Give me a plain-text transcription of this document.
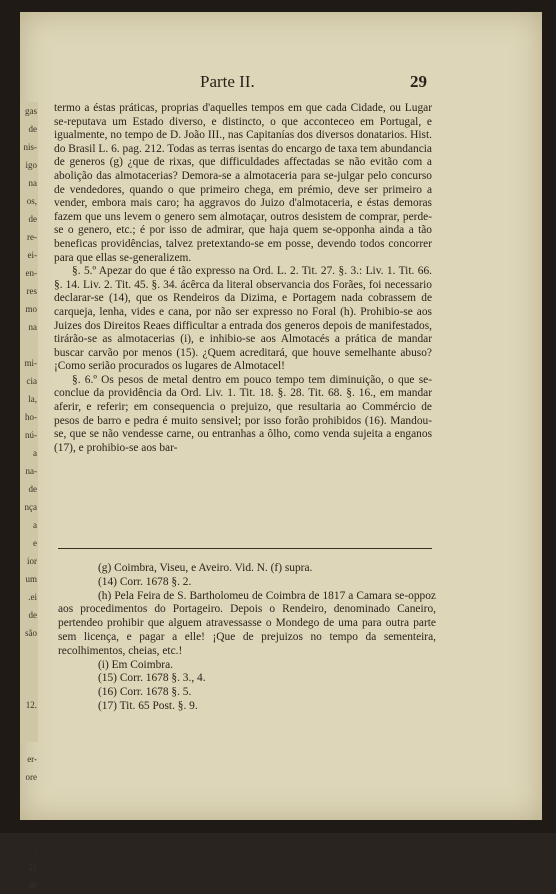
gas
de
nis-
igo
na
os,
de
re-
ei-
en-
res
mo
na

mi-
cia
la,
ho-
nú-
a
na-
de
nça
a
e
ior
um
.ei
de
são

12.

er-
ore

,
21
de
Parte II.	29

termo a éstas práticas, proprias d'aquelles tempos em que cada Cidade, ou Lugar se-reputava um Estado diverso, e distincto, o que acconteceo em Portugal, e igualmente, no tempo de D. João III., nas Capitanías dos diversos donatarios. Hist. do Brasil L. 6. pag. 212. Todas as terras isentas do encargo de taxa tem abundancia de generos (g) ¿que de rixas, que difficuldades affectadas se não evitão com a abolição das almotacerias? Demora-se a almotaceria para se-julgar pelo concurso de vendedores, quando o que primeiro chega, em prémio, deve ser primeiro a vender, embora mais caro; ha aggravos do Juizo d'almotaceria, e éstas demoras fazem que uns levem o genero sem almotaçar, outros desistem de comprar, perde-se o genero, etc.; é por isso de admirar, que haja quem se-opponha ainda a tão beneficas providências, talvez pretextando-se em posse, devendo todos concorrer para que ellas se-generalizem.

§. 5.º Apezar do que é tão expresso na Ord. L. 2. Tit. 27. §. 3.: Liv. 1. Tit. 66. §. 14. Liv. 2. Tit. 45. §. 34. ácêrca da literal observancia dos Forães, foi necessario declarar-se (14), que os Rendeiros da Dizima, e Portagem nada cobrassem de carqueja, lenha, vides e cana, por não ser expresso no Foral (h). Prohibio-se aos Juizes dos Direitos Reaes difficultar a entrada dos generos depois de manifestados, tirárão-se as almotacerias (i), e inhibio-se aos Almotacés a prática de mandar buscar carvão por menos (15). ¿Quem acreditará, que houve semelhante abuso? ¡Como serião procurados os lugares de Almotacel!

§. 6.º Os pesos de metal dentro em pouco tempo tem diminuição, o que se-conclue da providência da Ord. Liv. 1. Tit. 18. §. 28. Tit. 68. §. 16., em mandar aferir, e referir; em consequencia o prejuizo, que resultaria ao Commércio de pesos de barro e pedra é muito sensivel; por isso forão prohibidos (16). Mandou-se, que se não vendesse carne, ou entranhas a ôlho, como venda sujeita a enganos (17), e prohibio-se aos bar-

(g) Coimbra, Viseu, e Aveiro. Vid. N. (f) supra.

(14) Corr. 1678 §. 2.

(h) Pela Feira de S. Bartholomeu de Coimbra de 1817 a Camara se-oppoz aos procedimentos do Portageiro. Depois o Rendeiro, denominado Caneiro, pertendeo prohibir que alguem atravessasse o Mondego de uma para outra parte sem licença, e pagar a elle! ¡Que de prejuizos no tempo da sementeira, recolhimentos, cheias, etc.!

(i) Em Coimbra.

(15) Corr. 1678 §. 3., 4.

(16) Corr. 1678 §. 5.

(17) Tit. 65 Post. §. 9.
